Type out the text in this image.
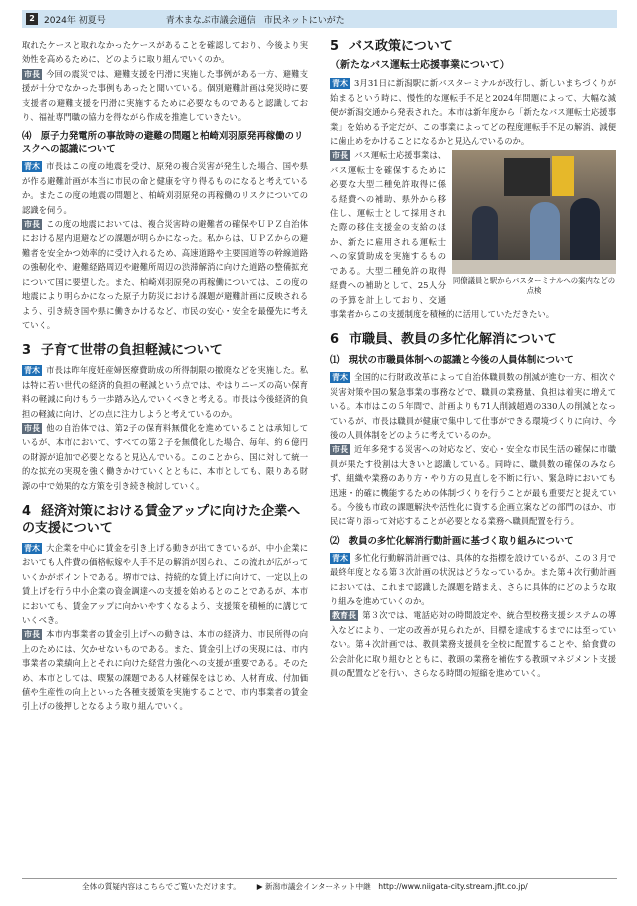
2	2024年 初夏号	青木まなぶ市議会通信 市民ネットにいがた

取れたケースと取れなかったケースがあることを確認しており、今後より実効性を高めるために、どのように取り組んでいくのか。

市長 今回の震災では、避難支援を円滑に実施した事例がある一方、避難支援が十分でなかった事例もあったと聞いている。個別避難計画は発災時に要支援者の避難支援を円滑に実施するために必要なものであると認識しており、福祉専門職の協力を得ながら作成を推進していきたい。

⑷　原子力発電所の事故時の避難の問題と柏崎刈羽原発再稼働のリスクへの認識について

青木 市長はこの度の地震を受け、原発の複合災害が発生した場合、国や県が作る避難計画が本当に市民の命と健康を守り得るものになると考えているか。またこの度の地震の問題と、柏崎刈羽原発の再稼働のリスクについての認識を伺う。

市長 この度の地震においては、複合災害時の避難者の確保やＵＰＺ自治体における屋内退避などの課題が明らかになった。私からは、ＵＰＺからの避難者を安全かつ効率的に受け入れるため、高速道路や主要国道等の幹線道路の強靭化や、避難経路周辺や避難所周辺の渋滞解消に向けた道路の整備拡充について国に要望した。また、柏崎刈羽原発の再稼働については、この度の地震により明らかになった原子力防災における課題が避難計画に反映されるよう、引き続き国や県に働きかけるなど、市民の安心・安全を最優先に考えていく。

3 子育て世帯の負担軽減について

青木 市長は昨年度妊産婦医療費助成の所得制限の撤廃などを実施した。私は特に若い世代の経済的負担の軽減という点では、やはりニーズの高い保育料の軽減に向けもう一歩踏み込んでいくべきと考える。市長は今後経済的負担の軽減に向け、どの点に注力しようと考えているのか。

市長 他の自治体では、第2子の保育料無償化を進めていることは承知しているが、本市において、すべての第２子を無償化した場合、毎年、約６億円の財源が追加で必要となると見込んでいる。このことから、国に対して統一的な拡充の実現を強く働きかけていくとともに、本市としても、限りある財源の中で効果的な方策を引き続き検討していく。

4 経済対策における賃金アップに向けた企業への支援について

青木 大企業を中心に賃金を引き上げる動きが出てきているが、中小企業においても人件費の価格転嫁や人手不足の解消が図られ、この流れが広がっていくかがポイントである。堺市では、持続的な賃上げに向けて、一定以上の賃上げを行う中小企業の資金調達への支援を始めるとのことであるが、本市においても、賃金アップに向かいやすくなるよう、支援策を積極的に講じていくべき。

市長 本市内事業者の賃金引上げへの動きは、本市の経済力、市民所得の向上のためには、欠かせないものである。また、賃金引上げの実現には、市内事業者の業績向上とそれに向けた経営力強化への支援が重要である。そのため、本市としては、喫緊の課題である人材確保をはじめ、人材育成、付加価値や生産性の向上といった各種支援策を実施することで、市内事業者の賃金引上げの後押しとなるよう取り組んでいく。

5 バス政策について
（新たなバス運転士応援事業について）

青木 3月31日に新潟駅に新バスターミナルが改行し、新しいまちづくりが始まるという時に、慢性的な運転手不足と2024年問題によって、大幅な減便が新潟交通から発表された。本市は新年度から「新たなバス運転士応援事業」を始める予定だが、この事業によってどの程度運転手不足の解消、減便に歯止めをかけることになるかと見込んでいるのか。

同僚議員と駅からバスターミナルへの案内などの点検

市長 バス運転士応援事業は、バス運転士を確保するために必要な大型二種免許取得に係る経費への補助、県外から移住し、運転士として採用された際の移住支援金の支給のほか、新たに雇用される運転士への家賃助成を実施するものである。大型二種免許の取得経費への補助として、25人分の予算を計上しており、交通事業者からこの支援制度を積極的に活用していただきたい。

6 市職員、教員の多忙化解消について
⑴　現状の市職員体制への認識と今後の人員体制について

青木 全国的に行財政改革によって自治体職員数の削減が進む一方、相次ぐ災害対策や国の緊急事業の事務などで、職員の業務量、負担は着実に増えている。本市はこの５年間で、計画よりも71人削減超過の330人の削減となっているが、市長は職員が健康で集中して仕事ができる環境づくりに向け、今後の人員体制をどのように考えているのか。

市長 近年多発する災害への対応など、安心・安全な市民生活の確保に市職員が果たす役割は大きいと認識している。同時に、職員数の確保のみならず、組織や業務のあり方・やり方の見直しを不断に行い、緊急時においても迅速・的確に機能するための体制づくりを行うことが最も重要だと捉えている。今後も市政の課題解決や活性化に資する企画立案などの部門のほか、市民に寄り添って対応することが必要となる業務へ職員配置を行う。

⑵　教員の多忙化解消行動計画に基づく取り組みについて

青木 多忙化行動解消計画では、具体的な指標を設けているが、この３月で最終年度となる第３次計画の状況はどうなっているか。また第４次行動計画においては、これまで認識した課題を踏まえ、さらに具体的にどのような取り組みを進めていくのか。

教育長 第３次では、電話応対の時間設定や、統合型校務支援システムの導入などにより、一定の改善が見られたが、目標を達成するまでには至っていない。第４次計画では、教員業務支援員を全校に配置することや、給食費の公会計化に取り組むとともに、教頭の業務を補佐する教頭マネジメント支援員の配置などを行い、さらなる時間の短縮を進めていく。

全体の質疑内容はこちらでご覧いただけます。 ▶ 新潟市議会インターネット中継　http://www.niigata-city.stream.jfit.co.jp/
